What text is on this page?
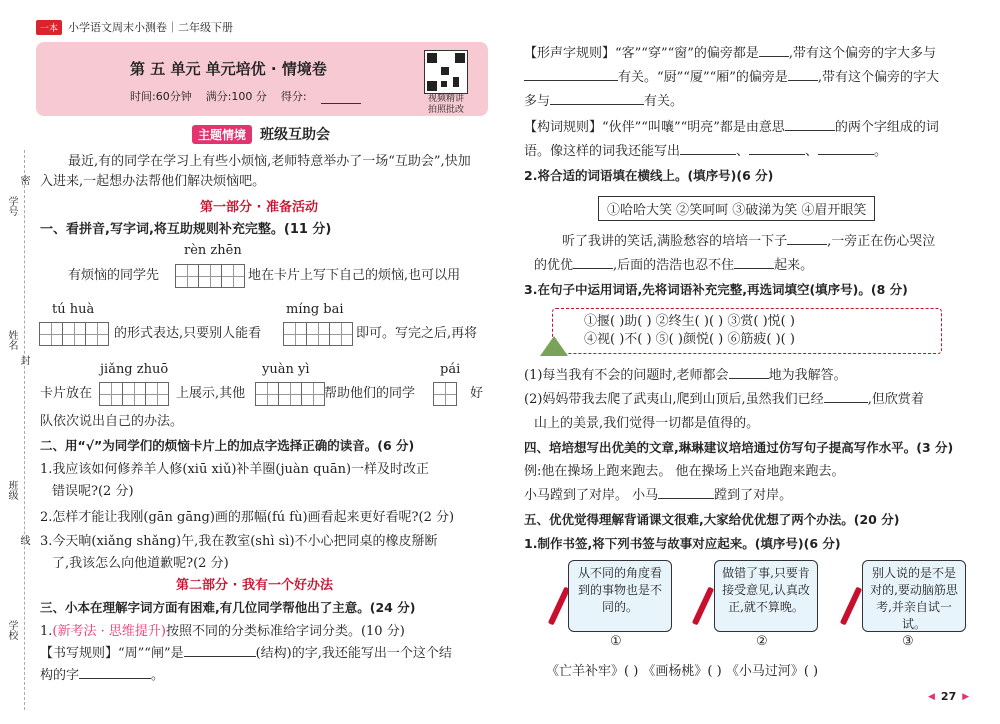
学号
姓名
班级
学校
密
封
线
一本 小学语文周末小测卷｜二年级下册
第 五 单元 单元培优 · 情境卷
时间:60分钟 满分:100 分 得分:	视频精讲
拍照批改
主题情境	班级互助会
最近,有的同学在学习上有些小烦恼,老师特意举办了一场“互助会”,快加
入进来,一起想办法帮他们解决烦恼吧。
第一部分 · 准备活动
一、看拼音,写字词,将互助规则补充完整。(11 分)
rèn zhēn
有烦恼的同学先	地在卡片上写下自己的烦恼,也可以用
tú huà
的形式表达,只要别人能看
míng bai
即可。写完之后,再将
jiǎng zhuō
卡片放在	上展示,其他
yuàn yì
帮助他们的同学
pái
好
队依次说出自己的办法。
二、用“√”为同学们的烦恼卡片上的加点字选择正确的读音。(6 分)
1.我应该如何修养羊人修(xiū xiǔ)补羊圈(juàn quān)一样及时改正
错误呢?(2 分)
2.怎样才能让我刚(gān gāng)画的那幅(fú fù)画看起来更好看呢?(2 分)
3.今天晌(xiǎng shǎng)午,我在教室(shì sì)不小心把同桌的橡皮掰断
了,我该怎么向他道歉呢?(2 分)
第二部分 · 我有一个好办法
三、小本在理解字词方面有困难,有几位同学帮他出了主意。(24 分)
1.(新考法 · 思维提升)按照不同的分类标准给字词分类。(10 分)
【书写规则】“周”“闸”是	(结构)的字,我还能写出一个这个结
构的字	。
【形声字规则】“客”“穿”“窗”的偏旁都是 ,带有这个偏旁的字大多与
有关。“厨”“厦”“厢”的偏旁是 ,带有这个偏旁的字大
多与	有关。
【构词规则】“伙伴”“叫嚷”“明亮”都是由意思	的两个字组成的词
语。像这样的词我还能写出	、	、	。
2.将合适的词语填在横线上。(填序号)(6 分)
①哈哈大笑 ②笑呵呵 ③破涕为笑 ④眉开眼笑
听了我讲的笑话,满脸愁容的培培一下子	,一旁正在伤心哭泣
的优优	,后面的浩浩也忍不住	起来。
3.在句子中运用词语,先将词语补充完整,再选词填空(填序号)。(8 分)
①揠( )助( ) ②终生( )( ) ③赏( )悦( )
④视( )不( ) ⑤( )颜悦( ) ⑥筋疲( )( )
(1)每当我有不会的问题时,老师都会	地为我解答。
(2)妈妈带我去爬了武夷山,爬到山顶后,虽然我们已经	,但欣赏着
山上的美景,我们觉得一切都是值得的。
四、培培想写出优美的文章,琳琳建议培培通过仿写句子提高写作水平。(3 分)
例:他在操场上跑来跑去。 他在操场上兴奋地跑来跑去。
小马蹚到了对岸。 小马	蹚到了对岸。
五、优优觉得理解背诵课文很难,大家给优优想了两个办法。(20 分)
1.制作书签,将下列书签与故事对应起来。(填序号)(6 分)
从不同的角度看到的事物也是不同的。
①
做错了事,只要肯接受意见,认真改正,就不算晚。
②
别人说的是不是对的,要动脑筋思考,并亲自试一试。
③
《亡羊补牢》( ) 《画杨桃》( ) 《小马过河》( )
◀ 27 ▶
